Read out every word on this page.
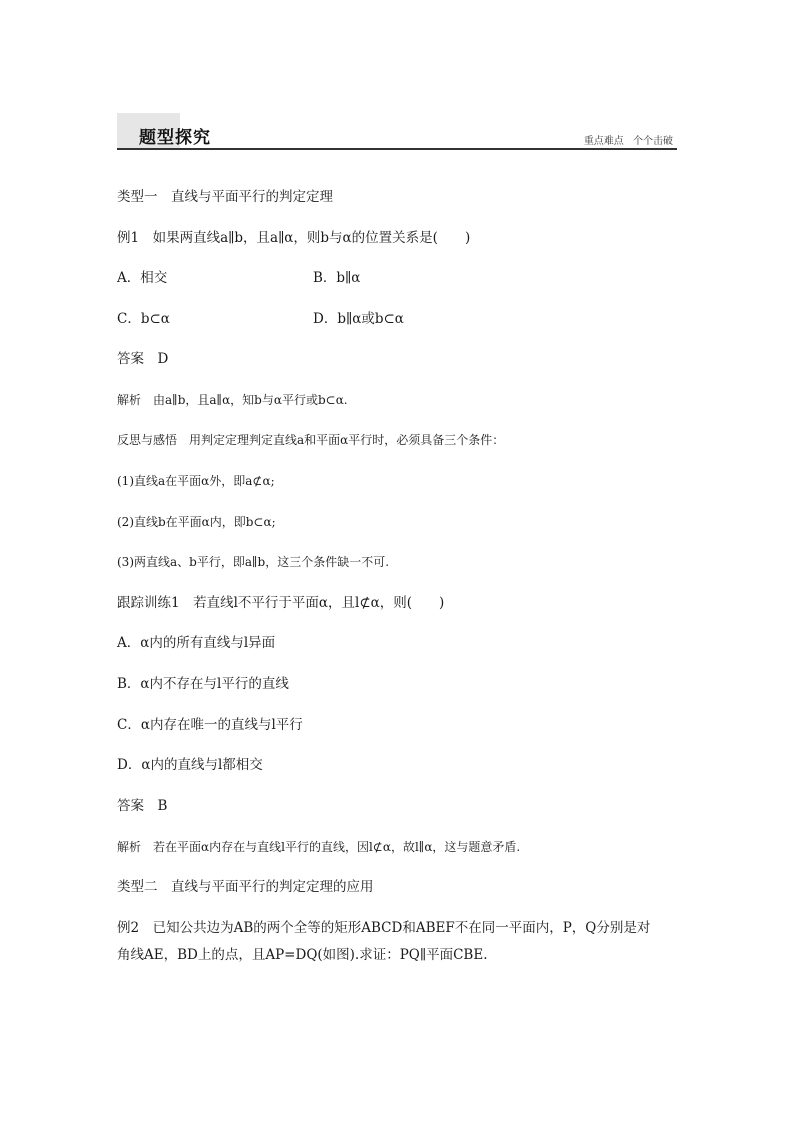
题型探究	重点难点 个个击破
类型一　直线与平面平行的判定定理
例1　如果两直线a∥b，且a∥α，则b与α的位置关系是(　　)
A．相交	B．b∥α
C．b⊂α	D．b∥α或b⊂α
答案　D
解析　由a∥b，且a∥α，知b与α平行或b⊂α.
反思与感悟　用判定定理判定直线a和平面α平行时，必须具备三个条件：
(1)直线a在平面α外，即a⊄α;
(2)直线b在平面α内，即b⊂α;
(3)两直线a、b平行，即a∥b，这三个条件缺一不可.
跟踪训练1　若直线l不平行于平面α，且l⊄α，则(　　)
A．α内的所有直线与l异面
B．α内不存在与l平行的直线
C．α内存在唯一的直线与l平行
D．α内的直线与l都相交
答案　B
解析　若在平面α内存在与直线l平行的直线，因l⊄α，故l∥α，这与题意矛盾.
类型二　直线与平面平行的判定定理的应用
例2　已知公共边为AB的两个全等的矩形ABCD和ABEF不在同一平面内，P，Q分别是对
角线AE，BD上的点，且AP=DQ(如图).求证：PQ∥平面CBE.
